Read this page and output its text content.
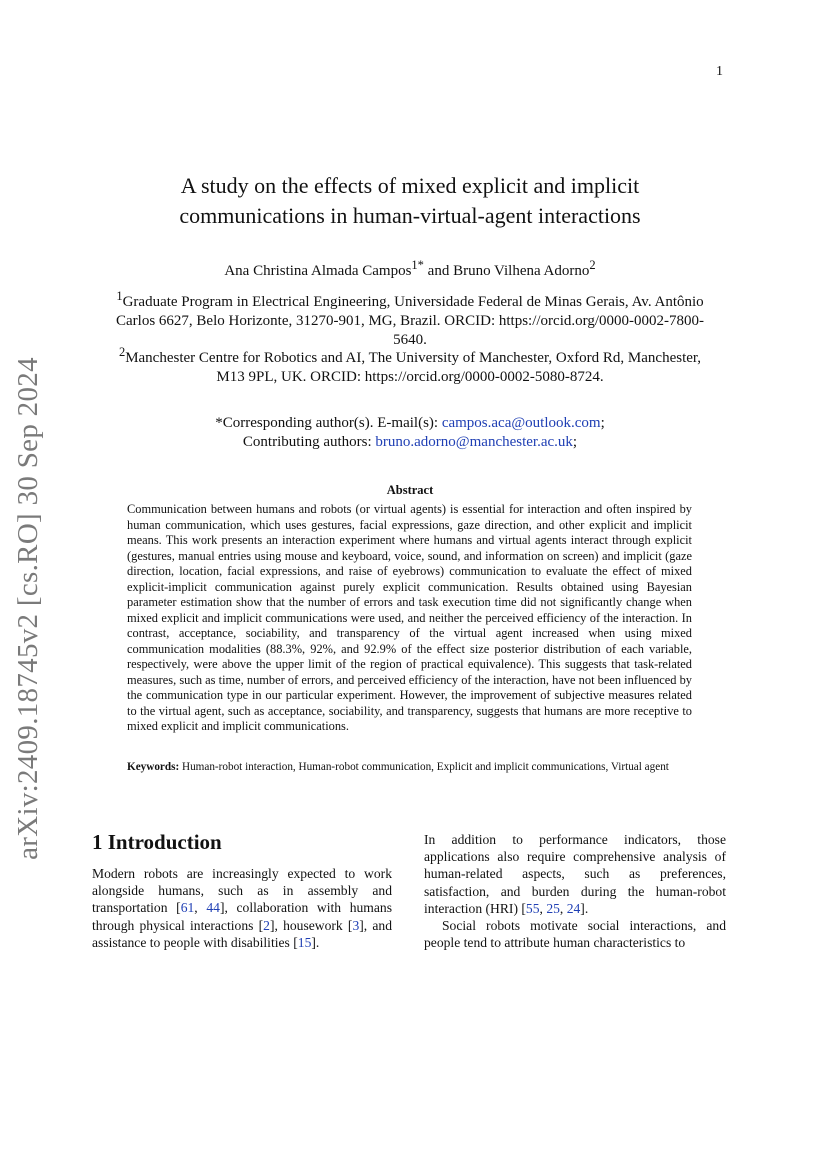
1
arXiv:2409.18745v2 [cs.RO] 30 Sep 2024
A study on the effects of mixed explicit and implicit
communications in human-virtual-agent interactions
Ana Christina Almada Campos$^{1*}$ and Bruno Vilhena Adorno$^2$
$^1$Graduate Program in Electrical Engineering, Universidade Federal de Minas Gerais, Av. Antônio Carlos 6627, Belo Horizonte, 31270-901, MG, Brazil. ORCID: https://orcid.org/0000-0002-7800-5640.
$^2$Manchester Centre for Robotics and AI, The University of Manchester, Oxford Rd, Manchester, M13 9PL, UK. ORCID: https://orcid.org/0000-0002-5080-8724.
*Corresponding author(s). E-mail(s): campos.aca@outlook.com;
Contributing authors: bruno.adorno@manchester.ac.uk;
Abstract

Communication between humans and robots (or virtual agents) is essential for interaction and often inspired by human communication, which uses gestures, facial expressions, gaze direction, and other explicit and implicit means. This work presents an interaction experiment where humans and virtual agents interact through explicit (gestures, manual entries using mouse and keyboard, voice, sound, and information on screen) and implicit (gaze direction, location, facial expressions, and raise of eyebrows) communication to evaluate the effect of mixed explicit-implicit communication against purely explicit communication. Results obtained using Bayesian parameter estimation show that the number of errors and task execution time did not significantly change when mixed explicit and implicit communications were used, and neither the perceived efficiency of the interaction. In contrast, acceptance, sociability, and transparency of the virtual agent increased when using mixed communication modalities (88.3%, 92%, and 92.9% of the effect size posterior distribution of each variable, respectively, were above the upper limit of the region of practical equivalence). This suggests that task-related measures, such as time, number of errors, and perceived efficiency of the interaction, have not been influenced by the communication type in our particular experiment. However, the improvement of subjective measures related to the virtual agent, such as acceptance, sociability, and transparency, suggests that humans are more receptive to mixed explicit and implicit communications.

Keywords: Human-robot interaction, Human-robot communication, Explicit and implicit communications, Virtual agent
1 Introduction

Modern robots are increasingly expected to work alongside humans, such as in assembly and transportation [61, 44], collaboration with humans through physical interactions [2], housework [3], and assistance to people with disabilities [15].

In addition to performance indicators, those applications also require comprehensive analysis of human-related aspects, such as preferences, satisfaction, and burden during the human-robot interaction (HRI) [55, 25, 24].

Social robots motivate social interactions, and people tend to attribute human characteristics to
